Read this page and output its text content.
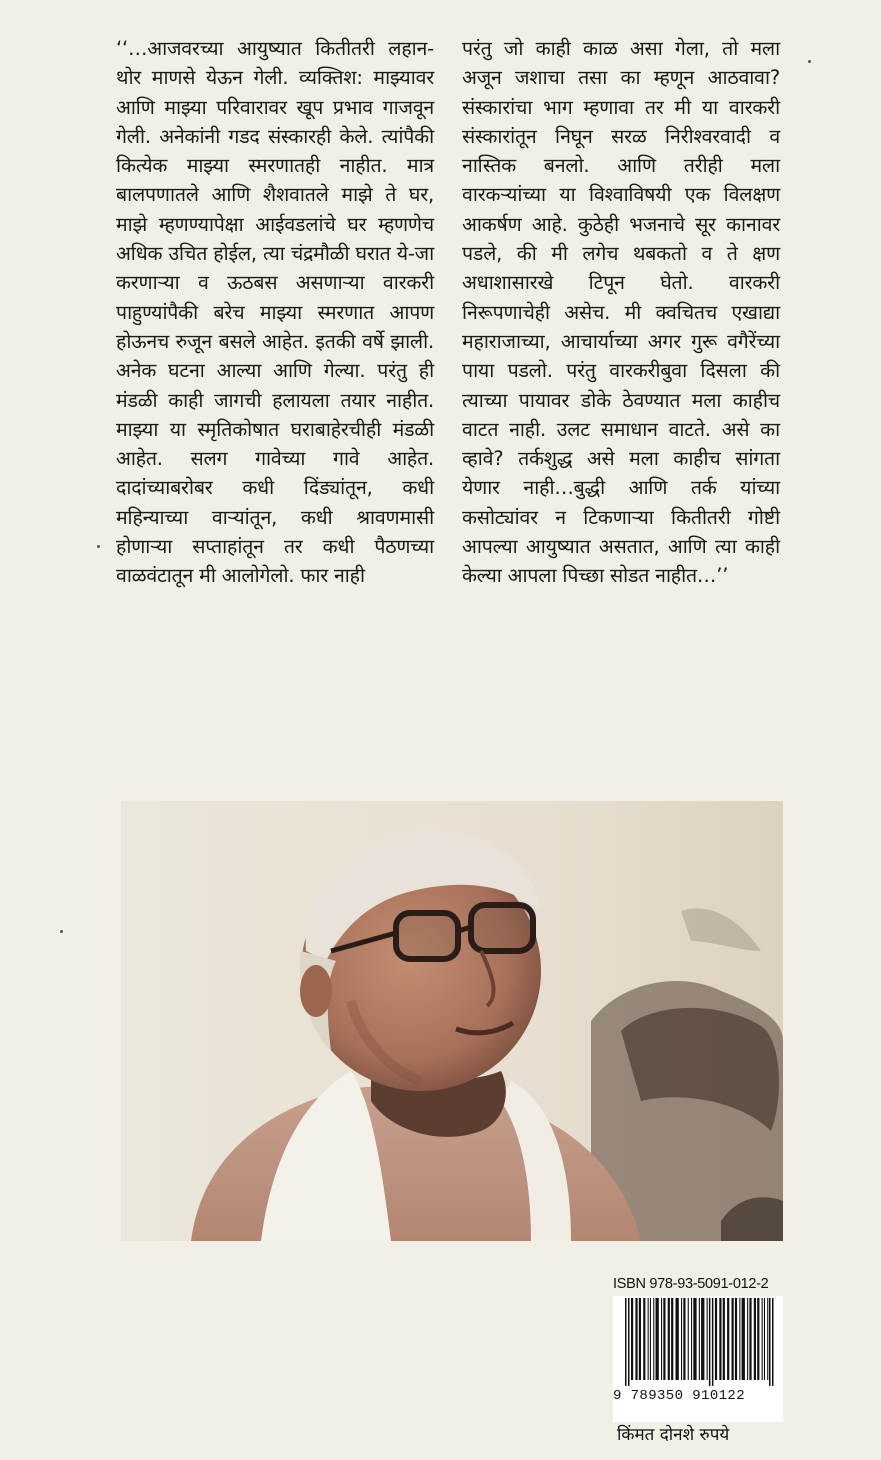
‘‘…आजवरच्या आयुष्यात कितीतरी लहान-थोर माणसे येऊन गेली. व्यक्तिश: माझ्यावर आणि माझ्या परिवारावर खूप प्रभाव गाजवून गेली. अनेकांनी गडद संस्कारही केले. त्यांपैकी कित्येक माझ्या स्मरणातही नाहीत. मात्र बालपणातले आणि शैशवातले माझे ते घर, माझे म्हणण्यापेक्षा आईवडलांचे घर म्हणणेच अधिक उचित होईल, त्या चंद्रमौळी घरात ये-जा करणाऱ्या व ऊठबस असणाऱ्या वारकरी पाहुण्यांपैकी बरेच माझ्या स्मरणात आपण होऊनच रुजून बसले आहेत. इतकी वर्षे झाली. अनेक घटना आल्या आणि गेल्या. परंतु ही मंडळी काही जागची हलायला तयार नाहीत. माझ्या या स्मृतिकोषात घराबाहेरचीही मंडळी आहेत. सलग गावेच्या गावे आहेत. दादांच्याबरोबर कधी दिंड्यांतून, कधी महिन्याच्या वाऱ्यांतून, कधी श्रावणमासी होणाऱ्या सप्ताहांतून तर कधी पैठणच्या वाळवंटातून मी आलोगेलो. फार नाही

परंतु जो काही काळ असा गेला, तो मला अजून जशाचा तसा का म्हणून आठवावा? संस्कारांचा भाग म्हणावा तर मी या वारकरी संस्कारांतून निघून सरळ निरीश्वरवादी व नास्तिक बनलो. आणि तरीही मला वारकऱ्यांच्या या विश्वाविषयी एक विलक्षण आकर्षण आहे. कुठेही भजनाचे सूर कानावर पडले, की मी लगेच थबकतो व ते क्षण अधाशासारखे टिपून घेतो. वारकरी निरूपणाचेही असेच. मी क्वचितच एखाद्या महाराजाच्या, आचार्याच्या अगर गुरू वगैरेंच्या पाया पडलो. परंतु वारकरीबुवा दिसला की त्याच्या पायावर डोके ठेवण्यात मला काहीच वाटत नाही. उलट समाधान वाटते. असे का व्हावे? तर्कशुद्ध असे मला काहीच सांगता येणार नाही…बुद्धी आणि तर्क यांच्या कसोट्यांवर न टिकणाऱ्या कितीतरी गोष्टी आपल्या आयुष्यात असतात, आणि त्या काही केल्या आपला पिच्छा सोडत नाहीत…’’

ISBN 978-93-5091-012-2
9 789350 910122
किंमत दोनशे रुपये
